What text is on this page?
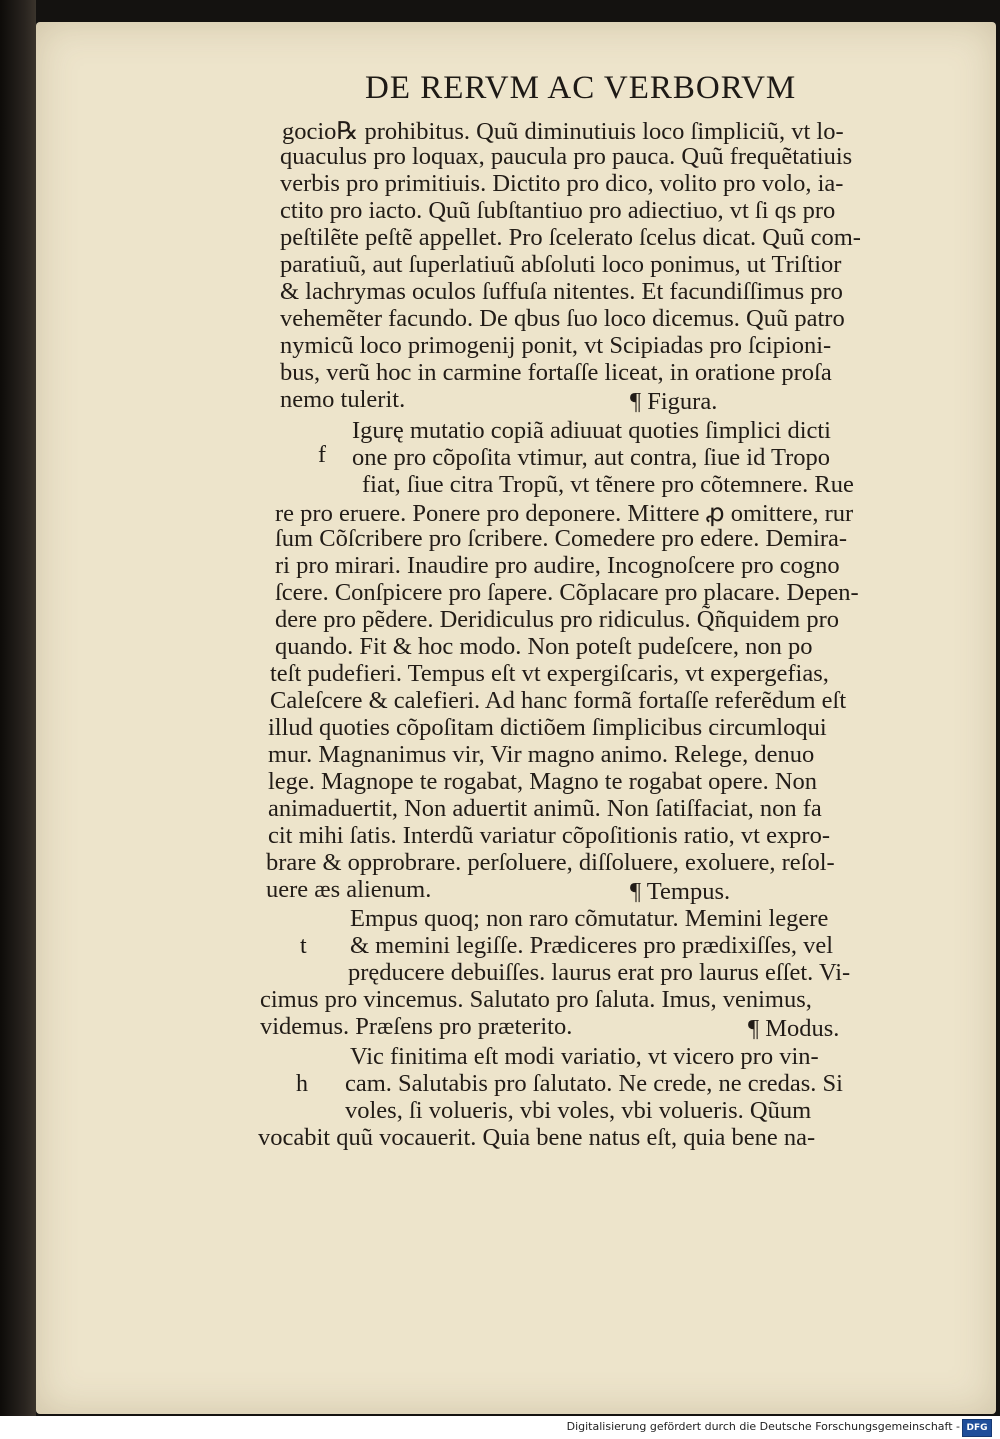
DE RERVM AC VERBORVM
gocio℞ prohibitus. Quũ diminutiuis loco ſimpliciũ, vt lo-
quaculus pro loquax, paucula pro pauca. Quũ frequẽtatiuis
verbis pro primitiuis. Dictito pro dico, volito pro volo, ia-
ctito pro iacto. Quũ ſubſtantiuo pro adiectiuo, vt ſi qs pro
peſtilẽte peſtẽ appellet. Pro ſcelerato ſcelus dicat. Quũ com-
paratiuũ, aut ſuperlatiuũ abſoluti loco ponimus, ut Triſtior
& lachrymas oculos ſuffuſa nitentes. Et facundiſſimus pro
vehemẽter facundo. De qbus ſuo loco dicemus. Quũ patro
nymicũ loco primogenij ponit, vt Scipiadas pro ſcipioni-
bus, verũ hoc in carmine fortaſſe liceat, in oratione proſa
nemo tulerit.	¶ Figura.
f
Igurę mutatio copiã adiuuat quoties ſimplici dicti
one pro cõpoſita vtimur, aut contra, ſiue id Tropo
fiat, ſiue citra Tropũ, vt tẽnere pro cõtemnere. Rue
re pro eruere. Ponere pro deponere. Mittere ꝓ omittere, rur
ſum Cõſcribere pro ſcribere. Comedere pro edere. Demira-
ri pro mirari. Inaudire pro audire, Incognoſcere pro cogno
ſcere. Conſpicere pro ſapere. Cõplacare pro placare. Depen-
dere pro pẽdere. Deridiculus pro ridiculus. Q̃ñquidem pro
quando. Fit & hoc modo. Non poteſt pudeſcere, non po
teſt pudefieri. Tempus eſt vt expergiſcaris, vt expergefias,
Caleſcere & calefieri. Ad hanc formã fortaſſe referẽdum eſt
illud quoties cõpoſitam dictiõem ſimplicibus circumloqui
mur. Magnanimus vir, Vir magno animo. Relege, denuo
lege. Magnope te rogabat, Magno te rogabat opere. Non
animaduertit, Non aduertit animũ. Non ſatiſfaciat, non fa
cit mihi ſatis. Interdũ variatur cõpoſitionis ratio, vt expro-
brare & opprobrare. perſoluere, diſſoluere, exoluere, reſol-
uere æs alienum.	¶ Tempus.
t
Empus quoq; non raro cõmutatur. Memini legere
& memini legiſſe. Prædiceres pro prædixiſſes, vel
pręducere debuiſſes. laurus erat pro laurus eſſet. Vi-
cimus pro vincemus. Salutato pro ſaluta. Imus, venimus,
videmus. Præſens pro præterito.	¶ Modus.
h
Vic finitima eſt modi variatio, vt vicero pro vin-
cam. Salutabis pro ſalutato. Ne crede, ne credas. Si
voles, ſi volueris, vbi voles, vbi volueris. Qũum
vocabit quũ vocauerit. Quia bene natus eſt, quia bene na-
Digitalisierung gefördert durch die Deutsche Forschungsgemeinschaft - DFG
